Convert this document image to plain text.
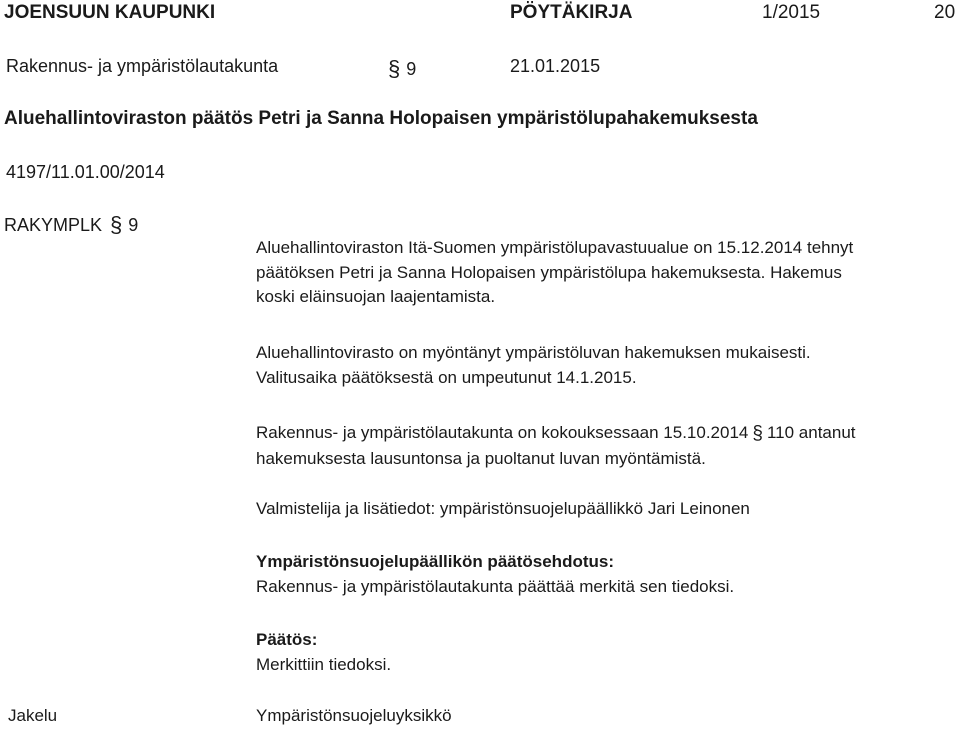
JOENSUUN KAUPUNKI	PÖYTÄKIRJA	1/2015	20
Rakennus- ja ympäristölautakunta	§ 9	21.01.2015
Aluehallintoviraston päätös Petri ja Sanna Holopaisen ympäristölupahakemuksesta
4197/11.01.00/2014
RAKYMPLK § 9
Aluehallintoviraston Itä-Suomen ympäristölupavastuualue on 15.12.2014 tehnyt
päätöksen Petri ja Sanna Holopaisen ympäristölupa hakemuksesta. Hakemus
koski eläinsuojan laajentamista.
Aluehallintovirasto on myöntänyt ympäristöluvan hakemuksen mukaisesti.
Valitusaika päätöksestä on umpeutunut 14.1.2015.
Rakennus- ja ympäristölautakunta on kokouksessaan 15.10.2014 § 110 antanut
hakemuksesta lausuntonsa ja puoltanut luvan myöntämistä.
Valmistelija ja lisätiedot: ympäristönsuojelupäällikkö Jari Leinonen
Ympäristönsuojelupäällikön päätösehdotus:
Rakennus- ja ympäristölautakunta päättää merkitä sen tiedoksi.
Päätös:
Merkittiin tiedoksi.
Jakelu	Ympäristönsuojeluyksikkö
